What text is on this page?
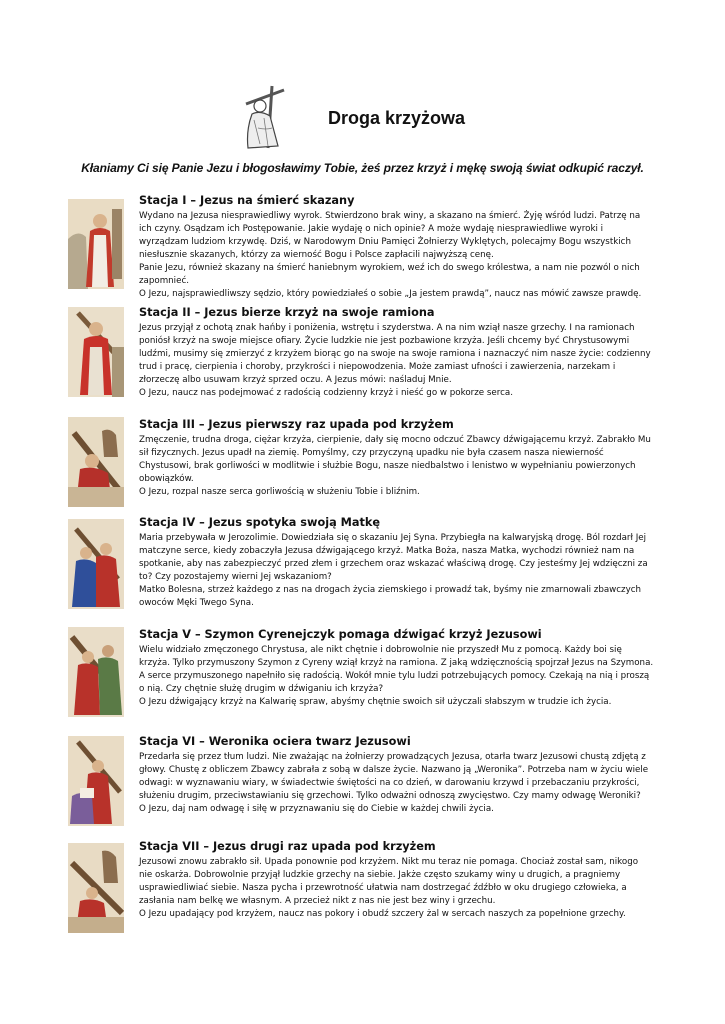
Droga krzyżowa

Kłaniamy Ci się Panie Jezu i błogosławimy Tobie, żeś przez krzyż i mękę swoją świat odkupić raczył.

Stacja I – Jezus na śmierć skazany

Wydano na Jezusa niesprawiedliwy wyrok. Stwierdzono brak winy, a skazano na śmierć. Żyję wśród ludzi. Patrzę na
ich czyny. Osądzam ich Postępowanie. Jakie wydaję o nich opinie? A może wydaję niesprawiedliwe wyroki i
wyrządzam ludziom krzywdę. Dziś, w Narodowym Dniu Pamięci Żołnierzy Wyklętych, polecajmy Bogu wszystkich
niesłusznie skazanych, którzy za wierność Bogu i Polsce zapłacili najwyższą cenę.
Panie Jezu, również skazany na śmierć haniebnym wyrokiem, weź ich do swego królestwa, a nam nie pozwól o nich
zapomnieć.
O Jezu, najsprawiedliwszy sędzio, który powiedziałeś o sobie „Ja jestem prawdą”, naucz nas mówić zawsze prawdę.

Stacja II – Jezus bierze krzyż na swoje ramiona

Jezus przyjął z ochotą znak hańby i poniżenia, wstrętu i szyderstwa. A na nim wziął nasze grzechy. I na ramionach
poniósł krzyż na swoje miejsce ofiary. Życie ludzkie nie jest pozbawione krzyża. Jeśli chcemy być Chrystusowymi
ludźmi, musimy się zmierzyć z krzyżem biorąc go na swoje na swoje ramiona i naznaczyć nim nasze życie: codzienny
trud i pracę, cierpienia i choroby, przykrości i niepowodzenia. Może zamiast ufności i zawierzenia, narzekam i
złorzeczę albo usuwam krzyż sprzed oczu. A Jezus mówi: naśladuj Mnie.
O Jezu, naucz nas podejmować z radością codzienny krzyż i nieść go w pokorze serca.

Stacja III – Jezus pierwszy raz upada pod krzyżem

Zmęczenie, trudna droga, ciężar krzyża, cierpienie, dały się mocno odczuć Zbawcy dźwigającemu krzyż. Zabrakło Mu
sił fizycznych. Jezus upadł na ziemię. Pomyślmy, czy przyczyną upadku nie była czasem nasza niewierność
Chystusowi, brak gorliwości w modlitwie i służbie Bogu, nasze niedbalstwo i lenistwo w wypełnianiu powierzonych
obowiązków.
O Jezu, rozpal nasze serca gorliwością w służeniu Tobie i bliźnim.

Stacja IV – Jezus spotyka swoją Matkę

Maria przebywała w Jerozolimie. Dowiedziała się o skazaniu Jej Syna. Przybiegła na kalwaryjską drogę. Ból rozdarł Jej
matczyne serce, kiedy zobaczyła Jezusa dźwigającego krzyż. Matka Boża, nasza Matka, wychodzi również nam na
spotkanie, aby nas zabezpieczyć przed złem i grzechem oraz wskazać właściwą drogę. Czy jesteśmy Jej wdzięczni za
to? Czy pozostajemy wierni Jej wskazaniom?
Matko Bolesna, strzeż każdego z nas na drogach życia ziemskiego i prowadź tak, byśmy nie zmarnowali zbawczych
owoców Męki Twego Syna.

Stacja V – Szymon Cyrenejczyk pomaga dźwigać krzyż Jezusowi

Wielu widziało zmęczonego Chrystusa, ale nikt chętnie i dobrowolnie nie przyszedł Mu z pomocą. Każdy boi się
krzyża. Tylko przymuszony Szymon z Cyreny wziął krzyż na ramiona. Z jaką wdzięcznością spojrzał Jezus na Szymona.
A serce przymuszonego napełniło się radością. Wokół mnie tylu ludzi potrzebujących pomocy. Czekają na nią i proszą
o nią. Czy chętnie służę drugim w dźwiganiu ich krzyża?
O Jezu dźwigający krzyż na Kalwarię spraw, abyśmy chętnie swoich sił użyczali słabszym w trudzie ich życia.

Stacja VI – Weronika ociera twarz Jezusowi

Przedarła się przez tłum ludzi. Nie zważając na żołnierzy prowadzących Jezusa, otarła twarz Jezusowi chustą zdjętą z
głowy. Chustę z obliczem Zbawcy zabrała z sobą w dalsze życie. Nazwano ją „Weronika”. Potrzeba nam w życiu wiele
odwagi: w wyznawaniu wiary, w świadectwie świętości na co dzień, w darowaniu krzywd i przebaczaniu przykrości,
służeniu drugim, przeciwstawianiu się grzechowi. Tylko odważni odnoszą zwycięstwo. Czy mamy odwagę Weroniki?
O Jezu, daj nam odwagę i siłę w przyznawaniu się do Ciebie w każdej chwili życia.

Stacja VII – Jezus drugi raz upada pod krzyżem

Jezusowi znowu zabrakło sił. Upada ponownie pod krzyżem. Nikt mu teraz nie pomaga. Chociaż został sam, nikogo
nie oskarża. Dobrowolnie przyjął ludzkie grzechy na siebie. Jakże często szukamy winy u drugich, a pragniemy
usprawiedliwiać siebie. Nasza pycha i przewrotność ułatwia nam dostrzegać źdźbło w oku drugiego człowieka, a
zasłania nam belkę we własnym. A przecież nikt z nas nie jest bez winy i grzechu.
O Jezu upadający pod krzyżem, naucz nas pokory i obudź szczery żal w sercach naszych za popełnione grzechy.
